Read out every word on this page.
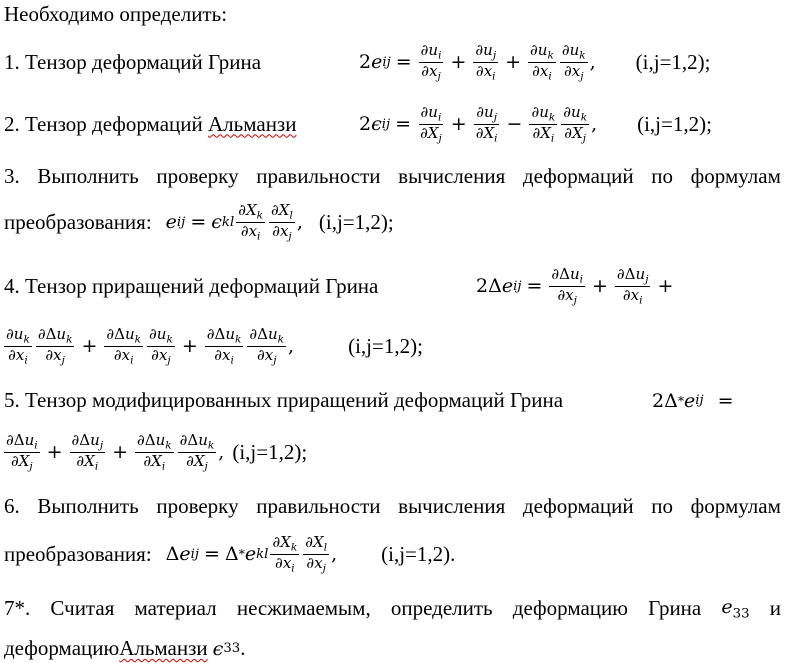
Необходимо определить:
1. Тензор деформаций Грина	2 e ij = $\frac{\partial u_i}{\partial x_j} + \frac{\partial u_j}{\partial x_i} + \frac{\partial u_k}{\partial x_i} \frac{\partial u_k}{\partial x_j}$ , (i,j=1,2);
2. Тензор деформаций Альманзи	2 ϵ ij = $\frac{\partial u_i}{\partial X_j} + \frac{\partial u_j}{\partial X_i} - \frac{\partial u_k}{\partial X_i} \frac{\partial u_k}{\partial X_j}$ , (i,j=1,2);
3. Выполнить проверку правильности вычисления деформаций по формулам
преобразования: e ij = ϵ kl $\frac{\partial X_k}{\partial x_i} \frac{\partial X_l}{\partial x_j}$ , (i,j=1,2);
4. Тензор приращений деформаций Грина	2Δ e ij = $\frac{\partial\Delta u_i}{\partial x_j} + \frac{\partial\Delta u_j}{\partial x_i}$ +
$\frac{\partial u_k}{\partial x_i} \frac{\partial\Delta u_k}{\partial x_j} + \frac{\partial\Delta u_k}{\partial x_i} \frac{\partial u_k}{\partial x_j} + \frac{\partial\Delta u_k}{\partial x_i} \frac{\partial\Delta u_k}{\partial x_j}$ ,	(i,j=1,2);
5. Тензор модифицированных приращений деформаций Грина	2Δ * e ij =
$\frac{\partial\Delta u_i}{\partial X_j} + \frac{\partial\Delta u_j}{\partial X_i} + \frac{\partial\Delta u_k}{\partial X_i} \frac{\partial\Delta u_k}{\partial X_j}$ , (i,j=1,2);
6. Выполнить проверку правильности вычисления деформаций по формулам
преобразования: Δ e ij = Δ * e kl $\frac{\partial X_k}{\partial x_i} \frac{\partial X_l}{\partial x_j}$ , (i,j=1,2).
7*. Считая материал несжимаемым, определить деформацию Грина $e_{33}$ и
деформацию Альманзи ϵ 33 .
